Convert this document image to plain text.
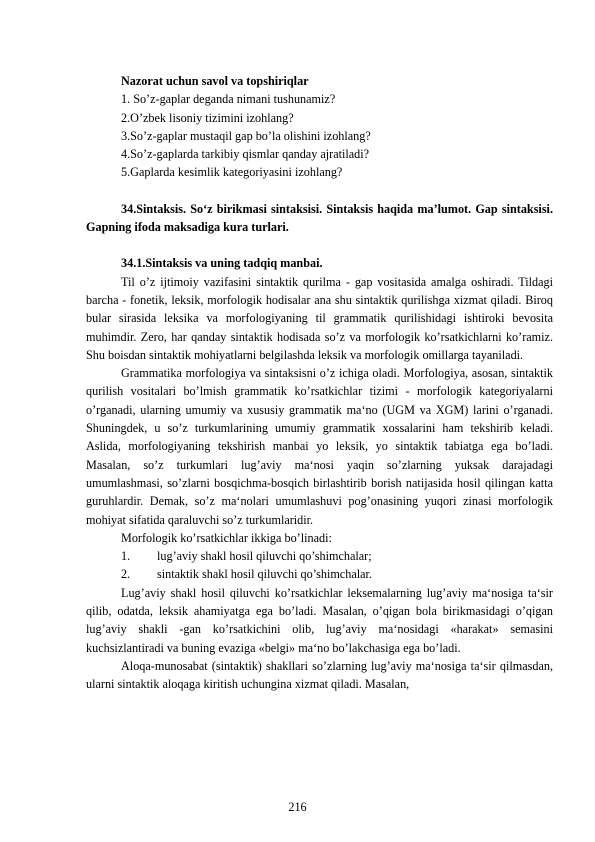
Nazorat uchun savol va topshiriqlar

1. So’z-gaplar deganda nimani tushunamiz?

2.O’zbek lisoniy tizimini izohlang?

3.So’z-gaplar mustaqil gap bo’la olishini izohlang?

4.So’z-gaplarda tarkibiy qismlar qanday ajratiladi?

5.Gaplarda kesimlik kategoriyasini izohlang?

34.Sintaksis. So‘z birikmasi sintaksisi. Sintaksis haqida ma’lumot. Gap sintaksisi. Gapning ifoda maksadiga kura turlari.

34.1.Sintaksis va uning tadqiq manbai.

Til o’z ijtimoiy vazifasini sintaktik qurilma - gap vositasida amalga oshiradi. Tildagi barcha - fonetik, leksik, morfologik hodisalar ana shu sintaktik qurilishga xizmat qiladi. Biroq bular sirasida leksika va morfologiyaning til grammatik qurilishidagi ishtiroki bevosita muhimdir. Zero, har qanday sintaktik hodisada so’z va morfologik ko’rsatkichlarni ko’ramiz. Shu boisdan sintaktik mohiyatlarni belgilashda leksik va morfologik omillarga tayaniladi.

Grammatika morfologiya va sintaksisni o’z ichiga oladi. Morfologiya, asosan, sintaktik qurilish vositalari bo’lmish grammatik ko’rsatkichlar tizimi - morfologik kategoriyalarni o’rganadi, ularning umumiy va xususiy grammatik ma‘no (UGM va XGM) larini o’rganadi. Shuningdek, u so’z turkumlarining umumiy grammatik xossalarini ham tekshirib keladi. Aslida, morfologiyaning tekshirish manbai yo leksik, yo sintaktik tabiatga ega bo’ladi. Masalan, so’z turkumlari lug’aviy ma‘nosi yaqin so’zlarning yuksak darajadagi umumlashmasi, so’zlarni bosqichma-bosqich birlashtirib borish natijasida hosil qilingan katta guruhlardir. Demak, so’z ma‘nolari umumlashuvi pog’onasining yuqori zinasi morfologik mohiyat sifatida qaraluvchi so’z turkumlaridir.

Morfologik ko’rsatkichlar ikkiga bo’linadi:

1. lug’aviy shakl hosil qiluvchi qo’shimchalar;

2. sintaktik shakl hosil qiluvchi qo’shimchalar.

Lug’aviy shakl hosil qiluvchi ko’rsatkichlar leksemalarning lug’aviy ma‘nosiga ta‘sir qilib, odatda, leksik ahamiyatga ega bo’ladi. Masalan, o’qigan bola birikmasidagi o’qigan lug’aviy shakli -gan ko’rsatkichini olib, lug’aviy ma‘nosidagi «harakat» semasini kuchsizlantiradi va buning evaziga «belgi» ma‘no bo’lakchasiga ega bo’ladi.

Aloqa-munosabat (sintaktik) shakllari so’zlarning lug’aviy ma‘nosiga ta‘sir qilmasdan, ularni sintaktik aloqaga kiritish uchungina xizmat qiladi. Masalan,

216
